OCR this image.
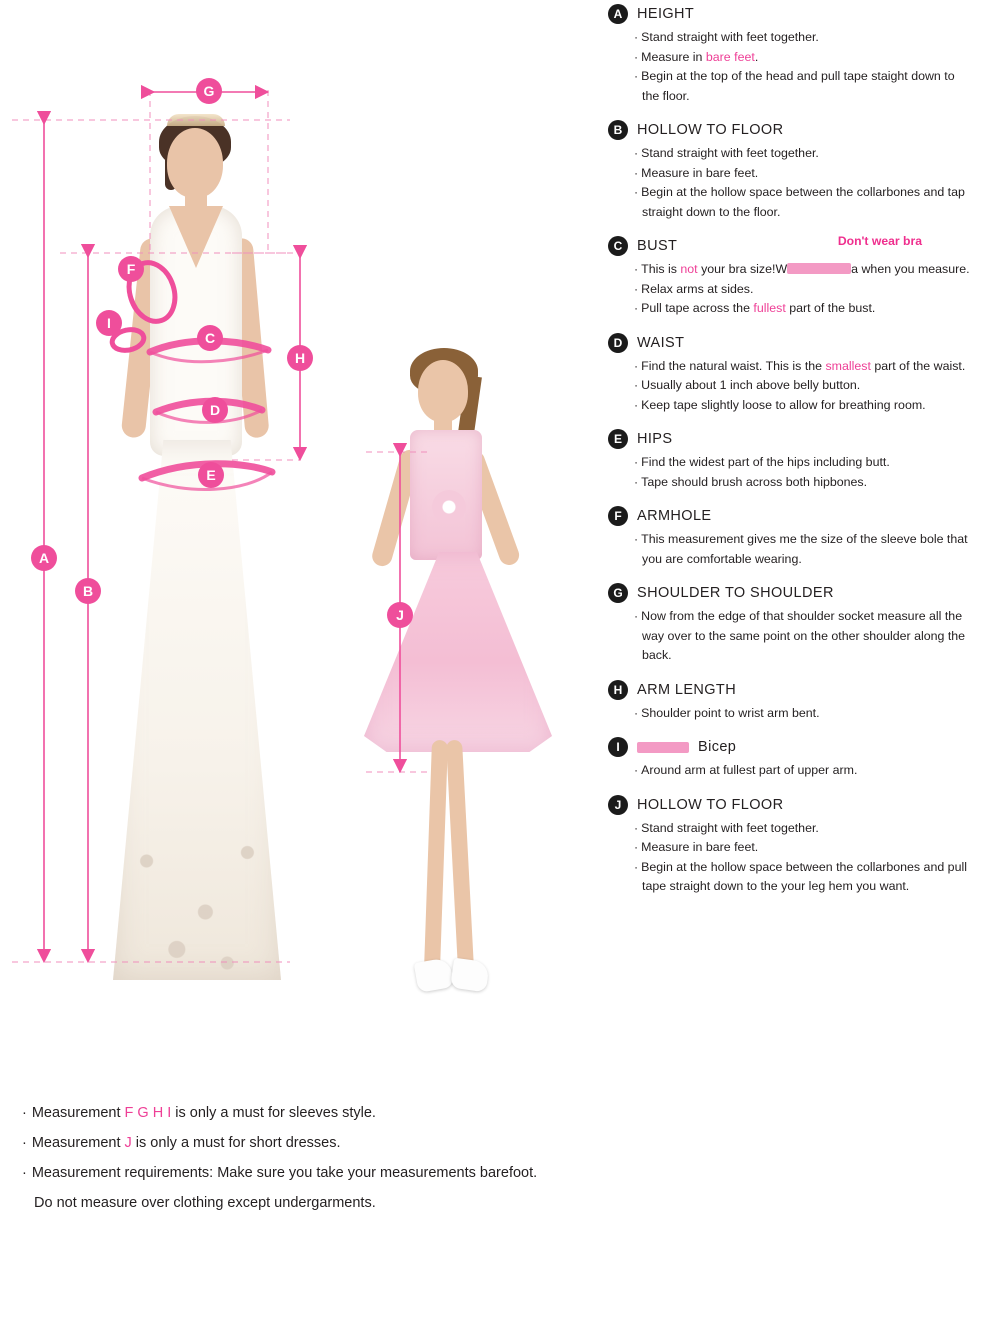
A
B
C
D
E
F
G
H
I
J
· Measurement F G H I is only a must for sleeves style.
· Measurement J is only a must for short dresses.
· Measurement requirements: Make sure you take your measurements barefoot.
Do not measure over clothing except undergarments.
A	HEIGHT
· Stand straight with feet together.
· Measure in bare feet.
· Begin at the top of the head and pull tape staight down to
the floor.
B	HOLLOW TO FLOOR
· Stand straight with feet together.
· Measure in bare feet.
· Begin at the hollow space between the collarbones and tap
straight down to the floor.
C	BUST	Don't wear bra
· This is not your bra size!W	a when you measure.
· Relax arms at sides.
· Pull tape across the fullest part of the bust.
D	WAIST
· Find the natural waist. This is the smallest part of the waist.
· Usually about 1 inch above belly button.
· Keep tape slightly loose to allow for breathing room.
E	HIPS
· Find the widest part of the hips including butt.
· Tape should brush across both hipbones.
F	ARMHOLE
· This measurement gives me the size of the sleeve bole that
you are comfortable wearing.
G SHOULDER TO SHOULDER
· Now from the edge of that shoulder socket measure all the
way over to the same point on the other shoulder along the
back.
H	ARM LENGTH
· Shoulder point to wrist arm bent.
I	Bicep
· Around arm at fullest part of upper arm.
J	HOLLOW TO FLOOR
· Stand straight with feet together.
· Measure in bare feet.
· Begin at the hollow space between the collarbones and pull
tape straight down to the your leg hem you want.
